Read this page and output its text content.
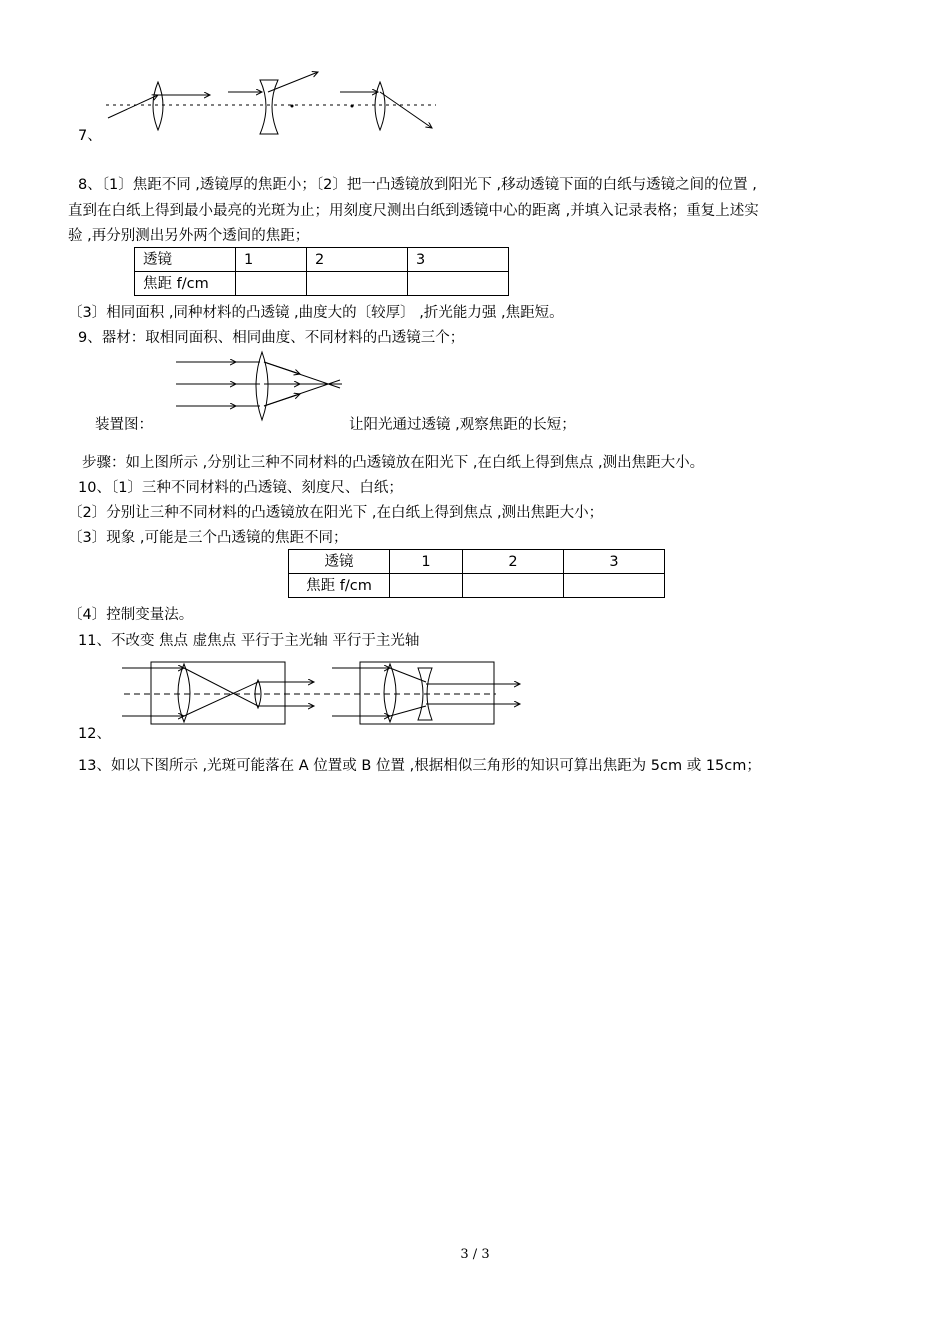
7、
8、〔1〕焦距不同 ,透镜厚的焦距小；〔2〕把一凸透镜放到阳光下 ,移动透镜下面的白纸与透镜之间的位置 ,
直到在白纸上得到最小最亮的光斑为止；用刻度尺测出白纸到透镜中心的距离 ,并填入记录表格；重复上述实
验 ,再分别测出另外两个透间的焦距；
透镜	1	2	3
焦距 f/cm			
〔3〕相同面积 ,同种材料的凸透镜 ,曲度大的〔较厚〕 ,折光能力强 ,焦距短。
9、器材：取相同面积、相同曲度、不同材料的凸透镜三个；
装置图：	让阳光通过透镜 ,观察焦距的长短；
步骤：如上图所示 ,分别让三种不同材料的凸透镜放在阳光下 ,在白纸上得到焦点 ,测出焦距大小。
10、〔1〕三种不同材料的凸透镜、刻度尺、白纸；
〔2〕分别让三种不同材料的凸透镜放在阳光下 ,在白纸上得到焦点 ,测出焦距大小；
〔3〕现象 ,可能是三个凸透镜的焦距不同；
透镜	1	2	3
焦距 f/cm			
〔4〕控制变量法。
11、不改变 焦点 虚焦点 平行于主光轴 平行于主光轴
12、
13、如以下图所示 ,光斑可能落在 A 位置或 B 位置 ,根据相似三角形的知识可算出焦距为 5cm 或 15cm；
3 / 3
